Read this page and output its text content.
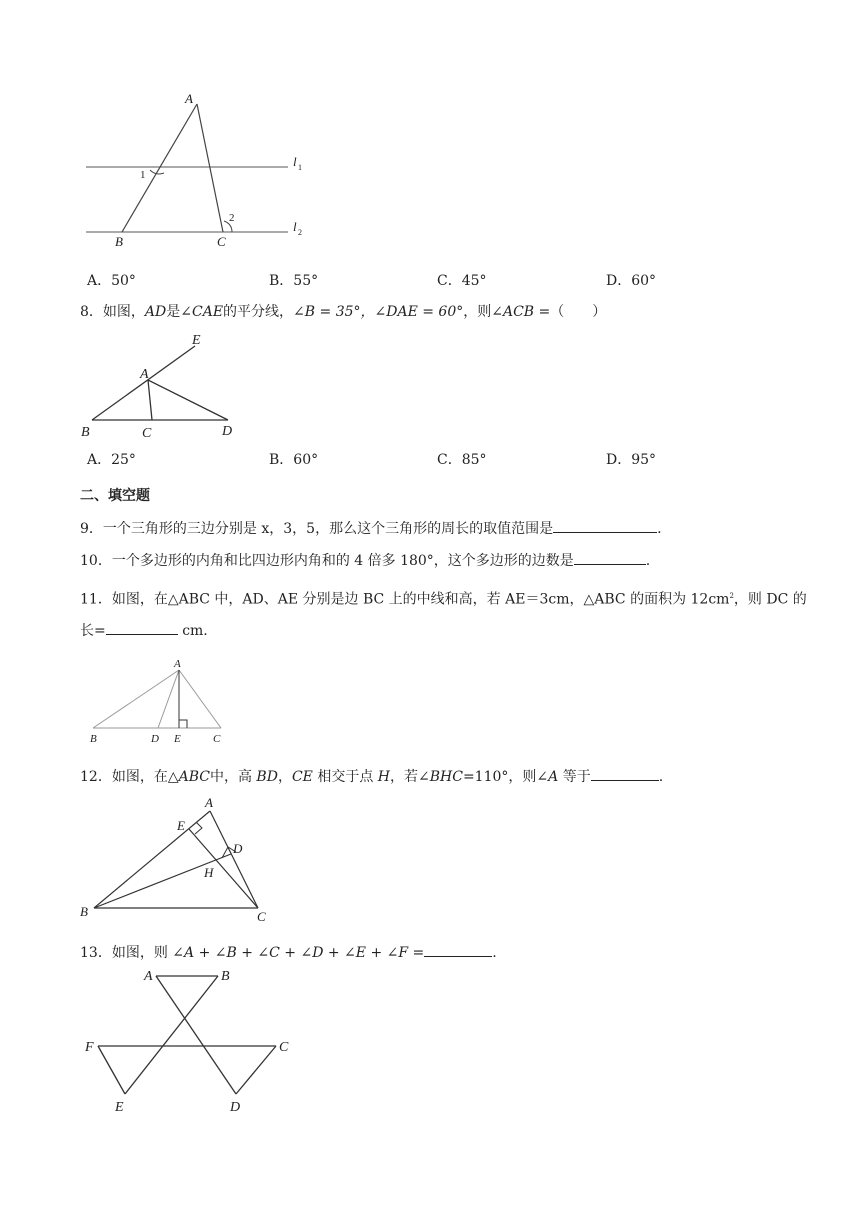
A
B	C
1
2
l 1
l 2
A．50°	B．55°	C．45°	D．60°
8．如图，AD是∠CAE的平分线，∠B = 35°，∠DAE = 60°，则∠ACB =（　　）
E
A
B	C	D
A．25°	B．60°	C．85°	D．95°
二、填空题
9．一个三角形的三边分别是 x，3，5，那么这个三角形的周长的取值范围是	.
10．一个多边形的内角和比四边形内角和的 4 倍多 180°，这个多边形的边数是	.
11．如图，在△ABC 中，AD、AE 分别是边 BC 上的中线和高，若 AE＝3cm，△ABC 的面积为 $12cm^2$，则 DC 的
长=	cm.
A
B	D E	C
12．如图，在△ABC中，高 BD，CE 相交于点 H，若∠BHC=110°，则∠A 等于	.
A
E
D
H
B	C
13．如图，则 ∠A + ∠B + ∠C + ∠D + ∠E + ∠F =	.
A	B
F	C
E	D
